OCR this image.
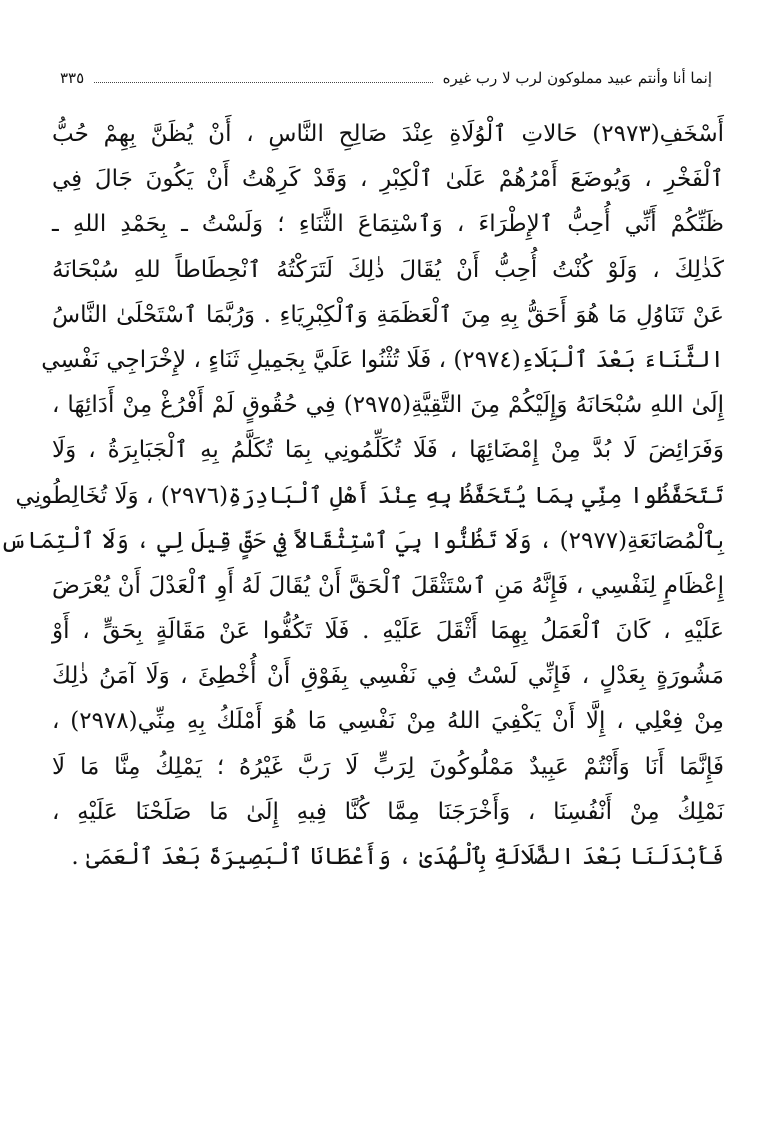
إنما أنا وأنتم عبيد مملوكون لرب لا رب غيره
٣٣٥
أَسْخَفِ(٢٩٧٣) حَالاتِ ٱلْوُلَاةِ عِنْدَ صَالِحِ النَّاسِ ، أَنْ يُظَنَّ بِهِمْ حُبُّ
ٱلْفَخْرِ ، وَيُوضَعَ أَمْرُهُمْ عَلَىٰ ٱلْكِبْرِ ، وَقَدْ كَرِهْتُ أَنْ يَكُونَ جَالَ فِي
ظَنِّكُمْ أَنِّي أُحِبُّ ٱلإِطْرَاءَ ، وَٱسْتِمَاعَ الثَّنَاءِ ؛ وَلَسْتُ ـ بِحَمْدِ اللهِ ـ
كَذٰلِكَ ، وَلَوْ كُنْتُ أُحِبُّ أَنْ يُقَالَ ذٰلِكَ لَتَرَكْتُهُ ٱنْحِطَاطاً للهِ سُبْحَانَهُ
عَنْ تَنَاوُلِ مَا هُوَ أَحَقُّ بِهِ مِنَ ٱلْعَظَمَةِ وَٱلْكِبْرِيَاءِ . وَرُبَّمَا ٱسْتَحْلَىٰ النَّاسُ
الثَّنَاءَ بَعْدَ ٱلْبَلَاءِ(٢٩٧٤) ، فَلَا تُثْنُوا عَلَيَّ بِجَمِيلِ ثَنَاءٍ ، لإِخْرَاجِي نَفْسِي
إِلَىٰ اللهِ سُبْحَانَهُ وَإِلَيْكُمْ مِنَ التَّقِيَّةِ(٢٩٧٥) فِي حُقُوقٍ لَمْ أَفْرُغْ مِنْ أَدَائِهَا ،
وَفَرَائِضَ لَا بُدَّ مِنْ إِمْضَائِهَا ، فَلَا تُكَلِّمُونِي بِمَا تُكَلَّمُ بِهِ ٱلْجَبَابِرَةُ ، وَلَا
تَتَحَفَّظُوا مِنِّي بِمَا يُتَحَفَّظُ بِهِ عِنْدَ أَهْلِ ٱلْبَادِرَةِ(٢٩٧٦) ، وَلَا تُخَالِطُونِي
بِٱلْمُصَانَعَةِ(٢٩٧٧) ، وَلَا تَظُنُّوا بِيَ ٱسْتِثْقَالاً فِي حَقٍّ قِيلَ لِي ، وَلَا ٱلْتِمَاسَ
إِعْظَامٍ لِنَفْسِي ، فَإِنَّهُ مَنِ ٱسْتَثْقَلَ ٱلْحَقَّ أَنْ يُقَالَ لَهُ أَوِ ٱلْعَدْلَ أَنْ يُعْرَضَ
عَلَيْهِ ، كَانَ ٱلْعَمَلُ بِهِمَا أَثْقَلَ عَلَيْهِ . فَلَا تَكُفُّوا عَنْ مَقَالَةٍ بِحَقٍّ ، أَوْ
مَشُورَةٍ بِعَدْلٍ ، فَإِنِّي لَسْتُ فِي نَفْسِي بِفَوْقِ أَنْ أُخْطِئَ ، وَلَا آمَنُ ذٰلِكَ
مِنْ فِعْلِي ، إِلَّا أَنْ يَكْفِيَ اللهُ مِنْ نَفْسِي مَا هُوَ أَمْلَكُ بِهِ مِنِّي(٢٩٧٨) ،
فَإِنَّمَا أَنَا وَأَنْتُمْ عَبِيدٌ مَمْلُوكُونَ لِرَبٍّ لَا رَبَّ غَيْرُهُ ؛ يَمْلِكُ مِنَّا مَا لَا
نَمْلِكُ مِنْ أَنْفُسِنَا ، وَأَخْرَجَنَا مِمَّا كُنَّا فِيهِ إِلَىٰ مَا صَلَحْنَا عَلَيْهِ ،
فَأَبْدَلَنَا بَعْدَ الضَّلَالَةِ بِٱلْهُدَىٰ ، وَأَعْطَانَا ٱلْبَصِيرَةَ بَعْدَ ٱلْعَمَىٰ .
